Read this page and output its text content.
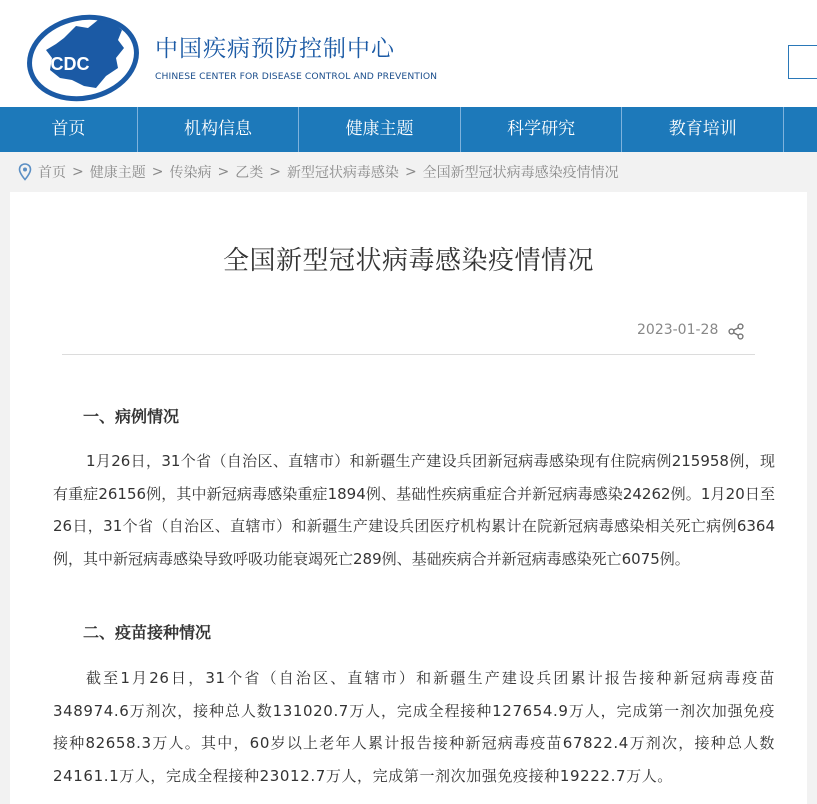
CDC
中国疾病预防控制中心
CHINESE CENTER FOR DISEASE CONTROL AND PREVENTION
首页	机构信息	健康主题	科学研究	教育培训
首页 > 健康主题 > 传染病 > 乙类 > 新型冠状病毒感染 > 全国新型冠状病毒感染疫情情况
全国新型冠状病毒感染疫情情况
2023-01-28
一、病例情况
1月26日，31个省（自治区、直辖市）和新疆生产建设兵团新冠病毒感染现有住院病例215958例，现有重症26156例，其中新冠病毒感染重症1894例、基础性疾病重症合并新冠病毒感染24262例。1月20日至26日，31个省（自治区、直辖市）和新疆生产建设兵团医疗机构累计在院新冠病毒感染相关死亡病例6364例，其中新冠病毒感染导致呼吸功能衰竭死亡289例、基础疾病合并新冠病毒感染死亡6075例。
二、疫苗接种情况
截至1月26日，31个省（自治区、直辖市）和新疆生产建设兵团累计报告接种新冠病毒疫苗348974.6万剂次，接种总人数131020.7万人，完成全程接种127654.9万人，完成第一剂次加强免疫接种82658.3万人。其中，60岁以上老年人累计报告接种新冠病毒疫苗67822.4万剂次，接种总人数24161.1万人，完成全程接种23012.7万人，完成第一剂次加强免疫接种19222.7万人。
